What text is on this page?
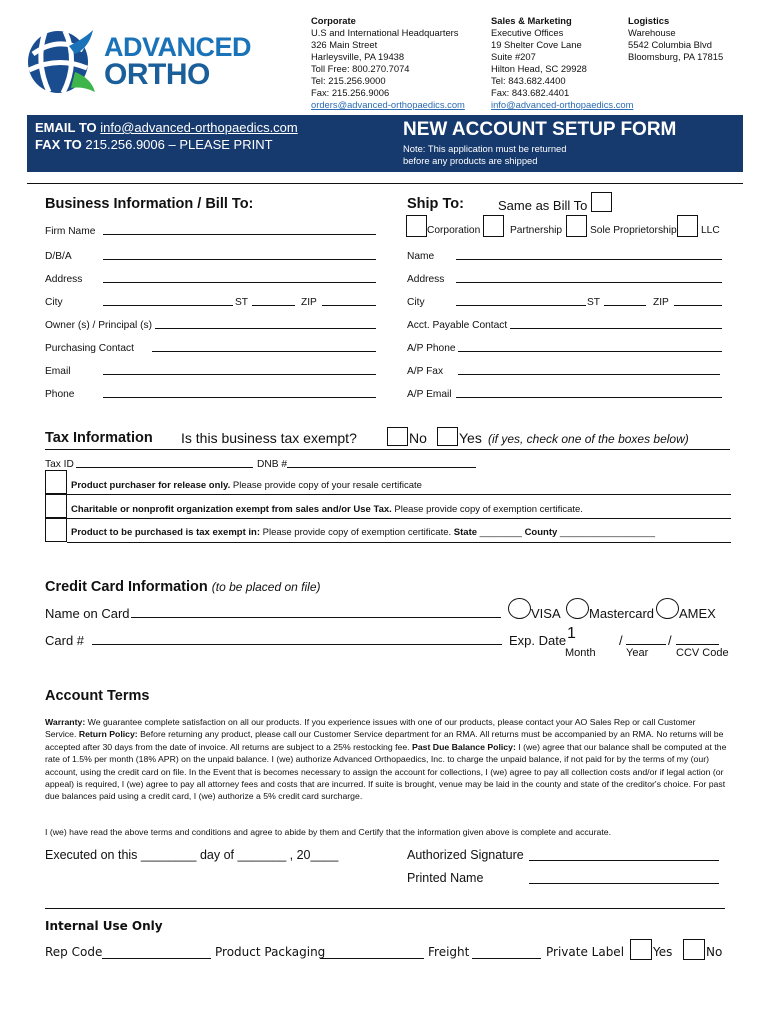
ADVANCED
ORTHO
Corporate
U.S and International Headquarters
326 Main Street
Harleysville, PA 19438
Toll Free: 800.270.7074
Tel: 215.256.9000
Fax: 215.256.9006
orders@advanced-orthopaedics.com
Sales & Marketing
Executive Offices
19 Shelter Cove Lane
Suite #207
Hilton Head, SC 29928
Tel: 843.682.4400
Fax: 843.682.4401
info@advanced-orthopaedics.com
Logistics
Warehouse
5542 Columbia Blvd
Bloomsburg, PA 17815
EMAIL TO info@advanced-orthopaedics.com
FAX TO 215.256.9006 – PLEASE PRINT
NEW ACCOUNT SETUP FORM
Note: This application must be returned
before any products are shipped
Business Information / Bill To:
Firm Name
D/B/A
Address
City	ST	ZIP
Owner (s) / Principal (s)
Purchasing Contact
Email
Phone
Ship To:	Same as Bill To
Corporation	Partnership	Sole Proprietorship LLC
Name
Address
City	ST	ZIP
Acct. Payable Contact
A/P Phone
A/P Fax
A/P Email
Tax Information Is this business tax exempt?	No Yes (if yes, check one of the boxes below)
Tax ID	DNB #
Product purchaser for release only. Please provide copy of your resale certificate
Charitable or nonprofit organization exempt from sales and/or Use Tax. Please provide copy of exemption certificate.
Product to be purchased is tax exempt in: Please provide copy of exemption certificate. State ________ County __________________
Credit Card Information (to be placed on file)
Name on Card	VISA Mastercard AMEX
Card #	Exp. Date 1	/	/
Month	Year	CCV Code
Account Terms
Warranty: We guarantee complete satisfaction on all our products. If you experience issues with one of our products, please contact your AO Sales Rep or call Customer Service. Return Policy: Before returning any product, please call our Customer Service department for an RMA. All returns must be accompanied by an RMA. No returns will be accepted after 30 days from the date of invoice. All returns are subject to a 25% restocking fee. Past Due Balance Policy: I (we) agree that our balance shall be computed at the rate of 1.5% per month (18% APR) on the unpaid balance. I (we) authorize Advanced Orthopaedics, Inc. to charge the unpaid balance, if not paid for by the terms of my (our) account, using the credit card on file. In the Event that is becomes necessary to assign the account for collections, I (we) agree to pay all collection costs and/or if legal action (or appeal) is required, I (we) agree to pay all attorney fees and costs that are incurred. If suite is brought, venue may be laid in the county and state of the creditor's choice. For past due balances paid using a credit card, I (we) authorize a 5% credit card surcharge.
I (we) have read the above terms and conditions and agree to abide by them and Certify that the information given above is complete and accurate.
Executed on this ________ day of _______ , 20____	Authorized Signature
Printed Name
Internal Use Only
Rep Code	Product Packaging	Freight	Private Label Yes	No
